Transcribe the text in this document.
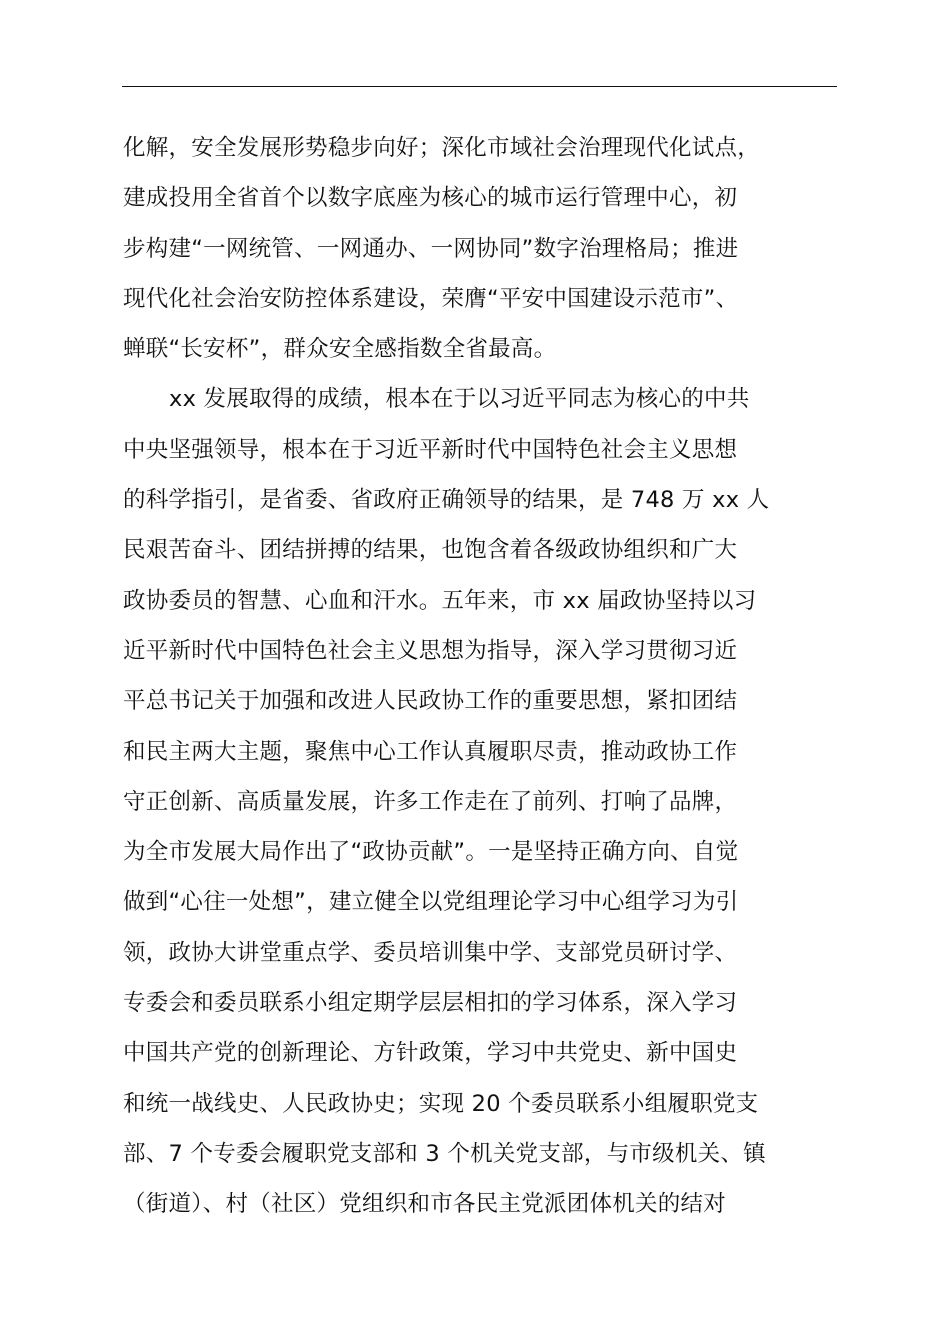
化解，安全发展形势稳步向好；深化市域社会治理现代化试点，
建成投用全省首个以数字底座为核心的城市运行管理中心，初
步构建“一网统管、一网通办、一网协同”数字治理格局；推进
现代化社会治安防控体系建设，荣膺“平安中国建设示范市”、
蝉联“长安杯”，群众安全感指数全省最高。
xx 发展取得的成绩，根本在于以习近平同志为核心的中共
中央坚强领导，根本在于习近平新时代中国特色社会主义思想
的科学指引，是省委、省政府正确领导的结果，是 748 万 xx 人
民艰苦奋斗、团结拼搏的结果，也饱含着各级政协组织和广大
政协委员的智慧、心血和汗水。五年来，市 xx 届政协坚持以习
近平新时代中国特色社会主义思想为指导，深入学习贯彻习近
平总书记关于加强和改进人民政协工作的重要思想，紧扣团结
和民主两大主题，聚焦中心工作认真履职尽责，推动政协工作
守正创新、高质量发展，许多工作走在了前列、打响了品牌，
为全市发展大局作出了“政协贡献”。一是坚持正确方向、自觉
做到“心往一处想”，建立健全以党组理论学习中心组学习为引
领，政协大讲堂重点学、委员培训集中学、支部党员研讨学、
专委会和委员联系小组定期学层层相扣的学习体系，深入学习
中国共产党的创新理论、方针政策，学习中共党史、新中国史
和统一战线史、人民政协史；实现 20 个委员联系小组履职党支
部、7 个专委会履职党支部和 3 个机关党支部，与市级机关、镇
（街道）、村（社区）党组织和市各民主党派团体机关的结对
